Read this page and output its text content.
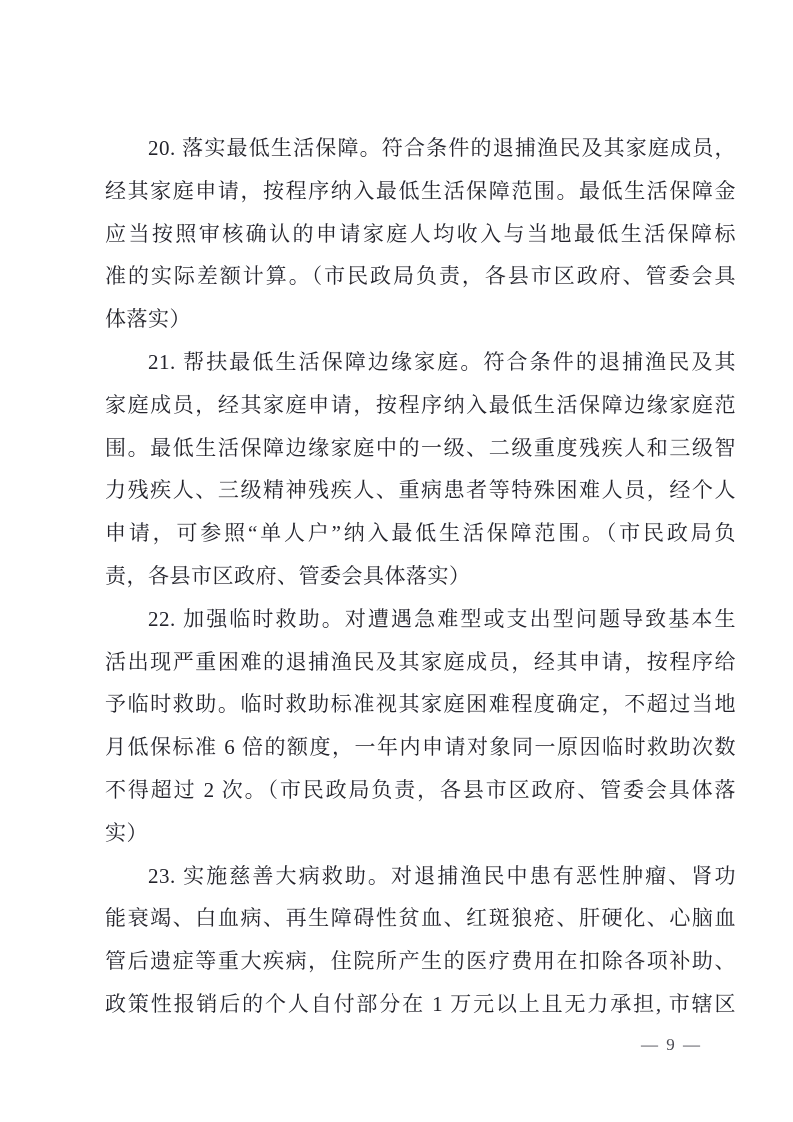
20. 落实最低生活保障。符合条件的退捕渔民及其家庭成员，
经其家庭申请，按程序纳入最低生活保障范围。最低生活保障金
应当按照审核确认的申请家庭人均收入与当地最低生活保障标
准的实际差额计算。（市民政局负责，各县市区政府、管委会具
体落实）
21. 帮扶最低生活保障边缘家庭。符合条件的退捕渔民及其
家庭成员，经其家庭申请，按程序纳入最低生活保障边缘家庭范
围。最低生活保障边缘家庭中的一级、二级重度残疾人和三级智
力残疾人、三级精神残疾人、重病患者等特殊困难人员，经个人
申请，可参照“单人户”纳入最低生活保障范围。（市民政局负
责，各县市区政府、管委会具体落实）
22. 加强临时救助。对遭遇急难型或支出型问题导致基本生
活出现严重困难的退捕渔民及其家庭成员，经其申请，按程序给
予临时救助。临时救助标准视其家庭困难程度确定，不超过当地
月低保标准 6 倍的额度，一年内申请对象同一原因临时救助次数
不得超过 2 次。（市民政局负责，各县市区政府、管委会具体落
实）
23. 实施慈善大病救助。对退捕渔民中患有恶性肿瘤、肾功
能衰竭、白血病、再生障碍性贫血、红斑狼疮、肝硬化、心脑血
管后遗症等重大疾病，住院所产生的医疗费用在扣除各项补助、
政策性报销后的个人自付部分在 1 万元以上且无力承担, 市辖区
— 9 —
